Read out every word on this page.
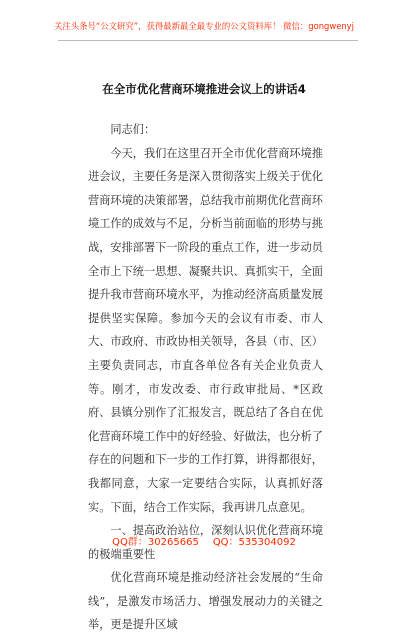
关注头条号“公文研究”，获得最新最全最专业的公文资料库！ 微信：gongwenyj
在全市优化营商环境推进会议上的讲话4

同志们：

今天，我们在这里召开全市优化营商环境推进会议，主要任务是深入贯彻落实上级关于优化营商环境的决策部署，总结我市前期优化营商环境工作的成效与不足，分析当前面临的形势与挑战，安排部署下一阶段的重点工作，进一步动员全市上下统一思想、凝聚共识、真抓实干，全面提升我市营商环境水平，为推动经济高质量发展提供坚实保障。参加今天的会议有市委、市人大、市政府、市政协相关领导，各县（市、区）主要负责同志，市直各单位各有关企业负责人等。刚才，市发改委、市行政审批局、*区政府、县镇分别作了汇报发言，既总结了各自在优化营商环境工作中的好经验、好做法，也分析了存在的问题和下一步的工作打算，讲得都很好，我都同意，大家一定要结合实际，认真抓好落实。下面，结合工作实际，我再讲几点意见。

一、提高政治站位，深刻认识优化营商环境的极端重要性

优化营商环境是推动经济社会发展的“生命线”，是激发市场活力、增强发展动力的关键之举，更是提升区域

QQ群：30265665 QQ：535304092
